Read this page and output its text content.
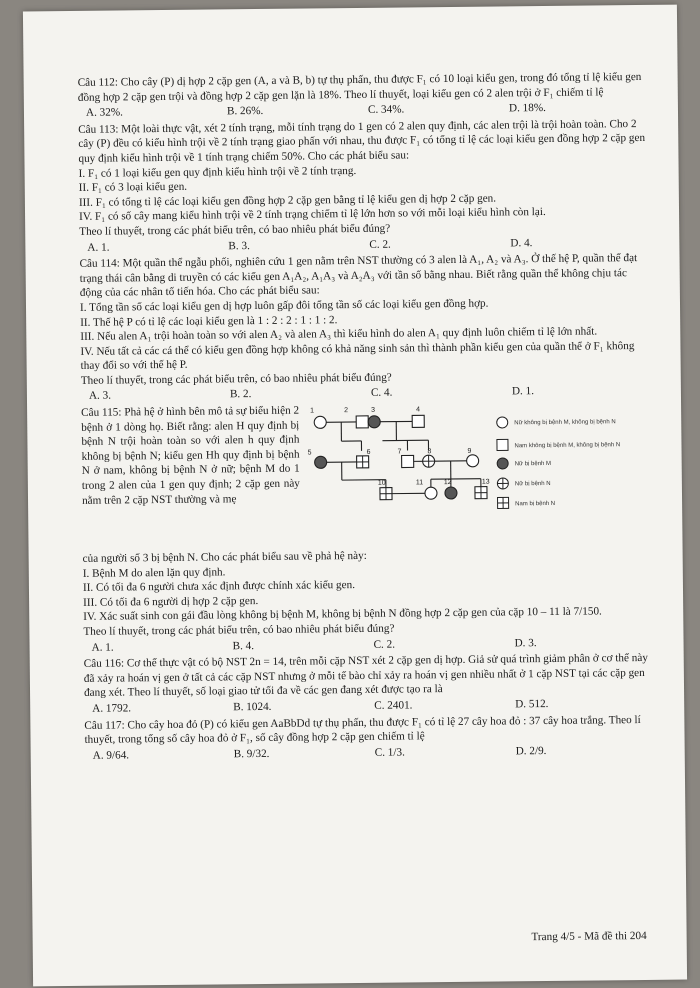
Câu 112: Cho cây (P) dị hợp 2 cặp gen (A, a và B, b) tự thụ phấn, thu được F₁ có 10 loại kiểu gen, trong đó tổng tỉ lệ kiểu gen đồng hợp 2 cặp gen trội và đồng hợp 2 cặp gen lặn là 18%. Theo lí thuyết, loại kiểu gen có 2 alen trội ở F₁ chiếm tỉ lệ

A. 32%.	B. 26%.	C. 34%.	D. 18%.

Câu 113: Một loài thực vật, xét 2 tính trạng, mỗi tính trạng do 1 gen có 2 alen quy định, các alen trội là trội hoàn toàn. Cho 2 cây (P) đều có kiểu hình trội về 2 tính trạng giao phấn với nhau, thu được F₁ có tổng tỉ lệ các loại kiểu gen đồng hợp 2 cặp gen quy định kiểu hình trội về 1 tính trạng chiếm 50%. Cho các phát biểu sau:

I. F₁ có 1 loại kiểu gen quy định kiểu hình trội về 2 tính trạng.

II. F₁ có 3 loại kiểu gen.

III. F₁ có tổng tỉ lệ các loại kiểu gen đồng hợp 2 cặp gen bằng tỉ lệ kiểu gen dị hợp 2 cặp gen.

IV. F₁ có số cây mang kiểu hình trội về 2 tính trạng chiếm tỉ lệ lớn hơn so với mỗi loại kiểu hình còn lại.

Theo lí thuyết, trong các phát biểu trên, có bao nhiêu phát biểu đúng?

A. 1.	B. 3.	C. 2.	D. 4.

Câu 114: Một quần thể ngẫu phối, nghiên cứu 1 gen nằm trên NST thường có 3 alen là A₁, A₂ và A₃. Ở thế hệ P, quần thể đạt trạng thái cân bằng di truyền có các kiểu gen A₁A₂, A₁A₃ và A₂A₃ với tần số bằng nhau. Biết rằng quần thể không chịu tác động của các nhân tố tiến hóa. Cho các phát biểu sau:

I. Tổng tần số các loại kiểu gen dị hợp luôn gấp đôi tổng tần số các loại kiểu gen đồng hợp.

II. Thế hệ P có tỉ lệ các loại kiểu gen là 1 : 2 : 2 : 1 : 1 : 2.

III. Nếu alen A₁ trội hoàn toàn so với alen A₂ và alen A₃ thì kiểu hình do alen A₁ quy định luôn chiếm tỉ lệ lớn nhất.

IV. Nếu tất cả các cá thể có kiểu gen đồng hợp không có khả năng sinh sản thì thành phần kiểu gen của quần thể ở F₁ không thay đổi so với thế hệ P.

Theo lí thuyết, trong các phát biểu trên, có bao nhiêu phát biểu đúng?

A. 3.	B. 2.	C. 4.	D. 1.

Câu 115: Phả hệ ở hình bên mô tả sự biểu hiện 2 bệnh ở 1 dòng họ. Biết rằng: alen H quy định bị bệnh N trội hoàn toàn so với alen h quy định không bị bệnh N; kiểu gen Hh quy định bị bệnh N ở nam, không bị bệnh N ở nữ; bệnh M do 1 trong 2 alen của 1 gen quy định; 2 cặp gen này nằm trên 2 cặp NST thường và mẹ

1	2	3	4
5	6	7	8	9
10	11	12	13
Nữ không bị bệnh M, không bị bệnh N
Nam không bị bệnh M, không bị bệnh N
Nữ bị bệnh M
Nữ bị bệnh N
Nam bị bệnh N

của người số 3 bị bệnh N. Cho các phát biểu sau về phả hệ này:

I. Bệnh M do alen lặn quy định.

II. Có tối đa 6 người chưa xác định được chính xác kiểu gen.

III. Có tối đa 6 người dị hợp 2 cặp gen.

IV. Xác suất sinh con gái đầu lòng không bị bệnh M, không bị bệnh N đồng hợp 2 cặp gen của cặp 10 – 11 là 7/150.

Theo lí thuyết, trong các phát biểu trên, có bao nhiêu phát biểu đúng?

A. 1.	B. 4.	C. 2.	D. 3.

Câu 116: Cơ thể thực vật có bộ NST 2n = 14, trên mỗi cặp NST xét 2 cặp gen dị hợp. Giả sử quá trình giảm phân ở cơ thể này đã xảy ra hoán vị gen ở tất cả các cặp NST nhưng ở mỗi tế bào chỉ xảy ra hoán vị gen nhiều nhất ở 1 cặp NST tại các cặp gen đang xét. Theo lí thuyết, số loại giao tử tối đa về các gen đang xét được tạo ra là

A. 1792.	B. 1024.	C. 2401.	D. 512.

Câu 117: Cho cây hoa đỏ (P) có kiểu gen AaBbDd tự thụ phấn, thu được F₁ có tỉ lệ 27 cây hoa đỏ : 37 cây hoa trắng. Theo lí thuyết, trong tổng số cây hoa đỏ ở F₁, số cây đồng hợp 2 cặp gen chiếm tỉ lệ

A. 9/64.	B. 9/32.	C. 1/3.	D. 2/9.
Trang 4/5 - Mã đề thi 204
